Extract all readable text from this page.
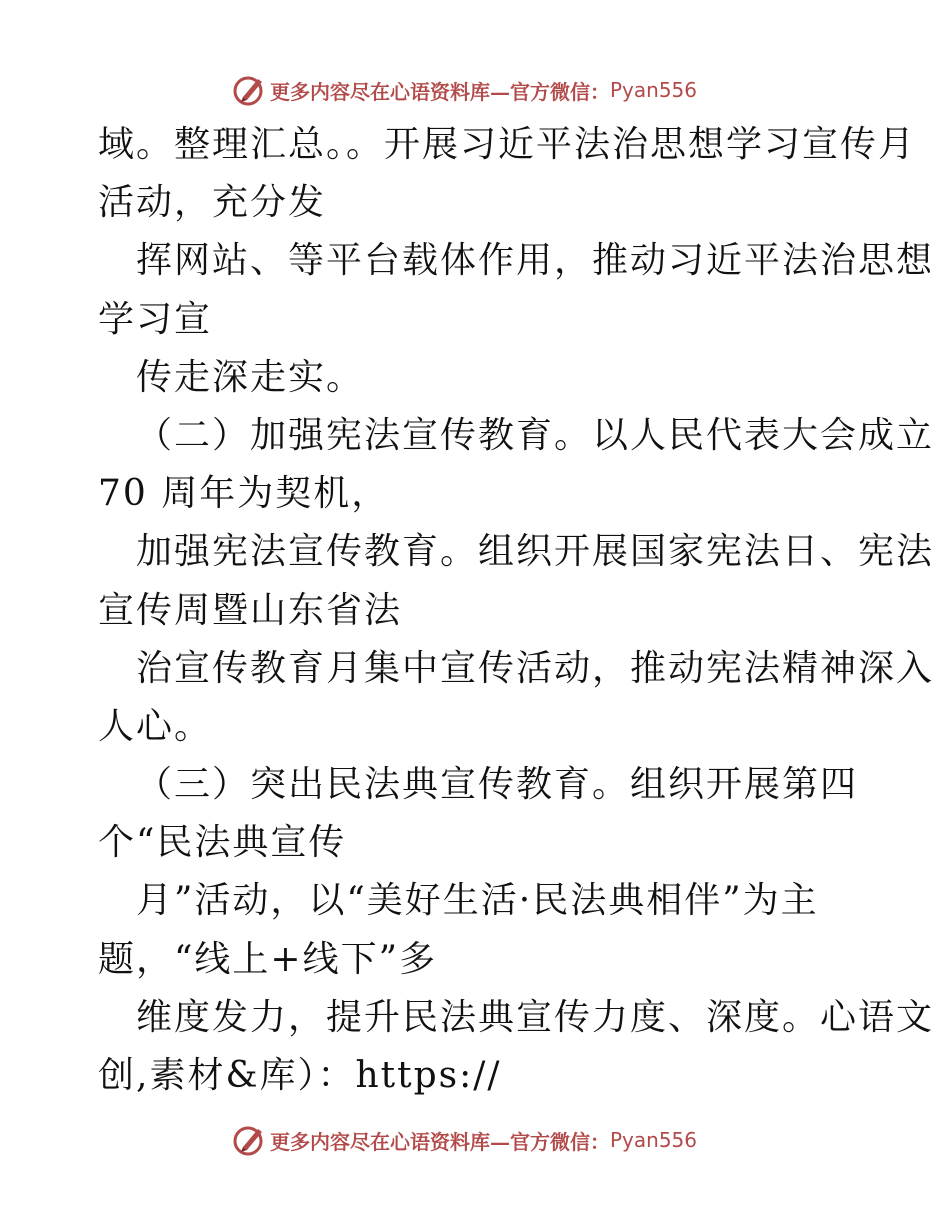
更多内容尽在心语资料库—官方微信： Pyan556
域。整理汇总。。开展习近平法治思想学习宣传月
活动，充分发
挥网站、等平台载体作用，推动习近平法治思想
学习宣
传走深走实。
（二）加强宪法宣传教育。以人民代表大会成立
70 周年为契机，
加强宪法宣传教育。组织开展国家宪法日、宪法
宣传周暨山东省法
治宣传教育月集中宣传活动，推动宪法精神深入
人心。
（三）突出民法典宣传教育。组织开展第四
个“民法典宣传
月”活动，以“美好生活·民法典相伴”为主
题，“线上+线下”多
维度发力，提升民法典宣传力度、深度。心语文
创,素材&库）：https://
更多内容尽在心语资料库—官方微信： Pyan556
